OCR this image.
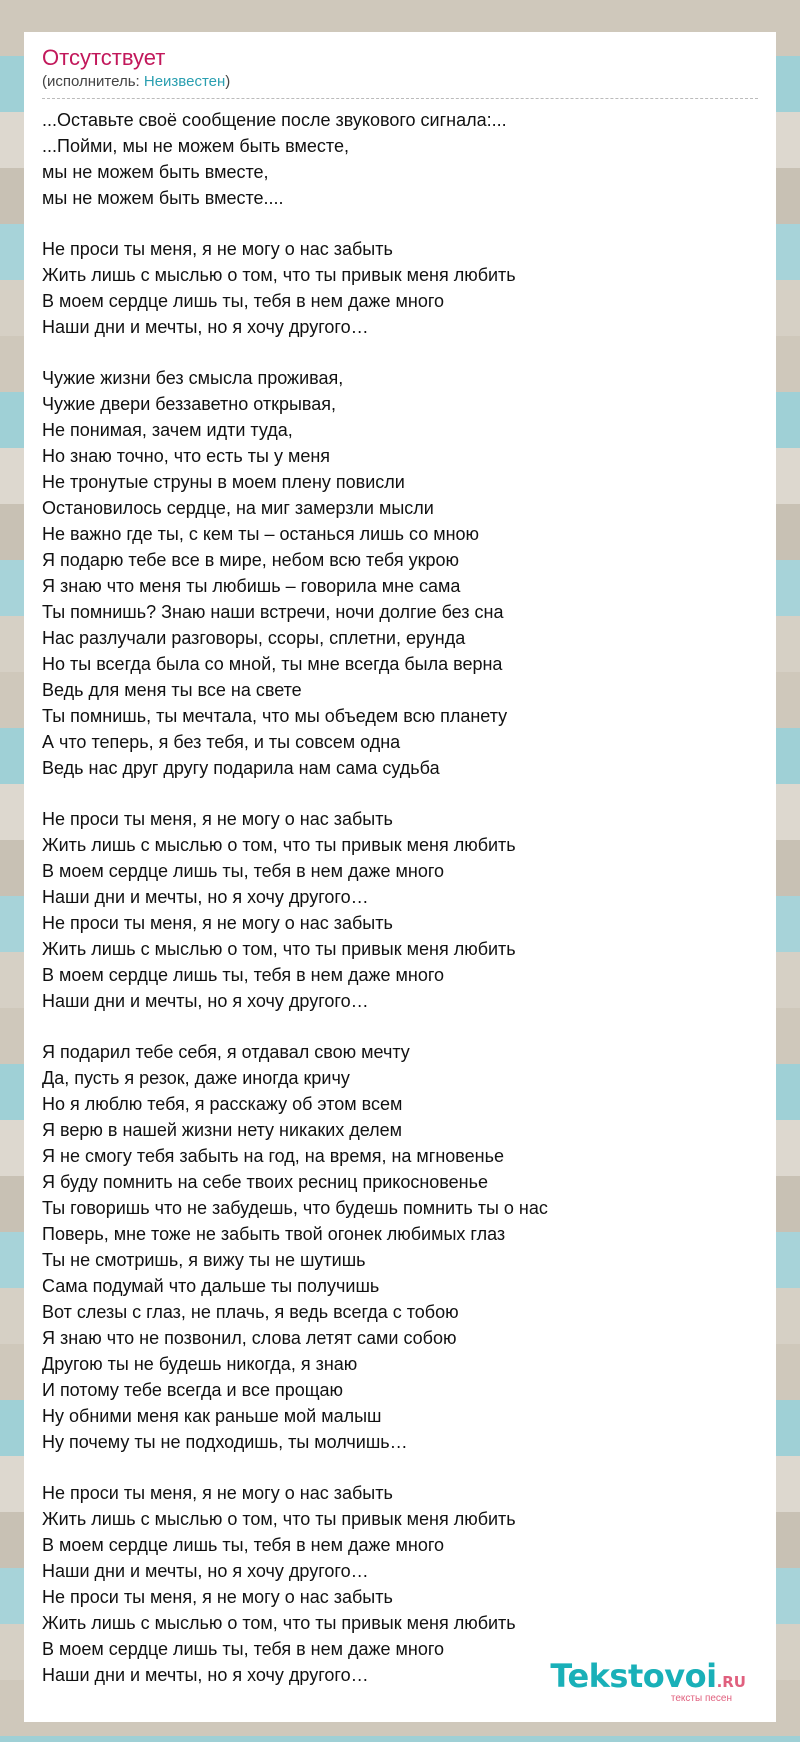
Отсутствует
(исполнитель: Неизвестен)
...Оставьте своё сообщение после звукового сигнала:...
...Пойми, мы не можем быть вместе,
мы не можем быть вместе,
мы не можем быть вместе....
Не проси ты меня, я не могу о нас забыть
Жить лишь с мыслью о том, что ты привык меня любить
В моем сердце лишь ты, тебя в нем даже много
Наши дни и мечты, но я хочу другого…
Чужие жизни без смысла проживая,
Чужие двери беззаветно открывая,
Не понимая, зачем идти туда,
Но знаю точно, что есть ты у меня
Не тронутые струны в моем плену повисли
Остановилось сердце, на миг замерзли мысли
Не важно где ты, с кем ты – останься лишь со мною
Я подарю тебе все в мире, небом всю тебя укрою
Я знаю что меня ты любишь – говорила мне сама
Ты помнишь? Знаю наши встречи, ночи долгие без сна
Нас разлучали разговоры, ссоры, сплетни, ерунда
Но ты всегда была со мной, ты мне всегда была верна
Ведь для меня ты все на свете
Ты помнишь, ты мечтала, что мы объедем всю планету
А что теперь, я без тебя, и ты совсем одна
Ведь нас друг другу подарила нам сама судьба
Не проси ты меня, я не могу о нас забыть
Жить лишь с мыслью о том, что ты привык меня любить
В моем сердце лишь ты, тебя в нем даже много
Наши дни и мечты, но я хочу другого…
Не проси ты меня, я не могу о нас забыть
Жить лишь с мыслью о том, что ты привык меня любить
В моем сердце лишь ты, тебя в нем даже много
Наши дни и мечты, но я хочу другого…
Я подарил тебе себя, я отдавал свою мечту
Да, пусть я резок, даже иногда кричу
Но я люблю тебя, я расскажу об этом всем
Я верю в нашей жизни нету никаких делем
Я не смогу тебя забыть на год, на время, на мгновенье
Я буду помнить на себе твоих ресниц прикосновенье
Ты говоришь что не забудешь, что будешь помнить ты о нас
Поверь, мне тоже не забыть твой огонек любимых глаз
Ты не смотришь, я вижу ты не шутишь
Сама подумай что дальше ты получишь
Вот слезы с глаз, не плачь, я ведь всегда с тобою
Я знаю что не позвонил, слова летят сами собою
Другою ты не будешь никогда, я знаю
И потому тебе всегда и все прощаю
Ну обними меня как раньше мой малыш
Ну почему ты не подходишь, ты молчишь…
Не проси ты меня, я не могу о нас забыть
Жить лишь с мыслью о том, что ты привык меня любить
В моем сердце лишь ты, тебя в нем даже много
Наши дни и мечты, но я хочу другого…
Не проси ты меня, я не могу о нас забыть
Жить лишь с мыслью о том, что ты привык меня любить
В моем сердце лишь ты, тебя в нем даже много
Наши дни и мечты, но я хочу другого…	Tekstovoi.RU
тексты песен
